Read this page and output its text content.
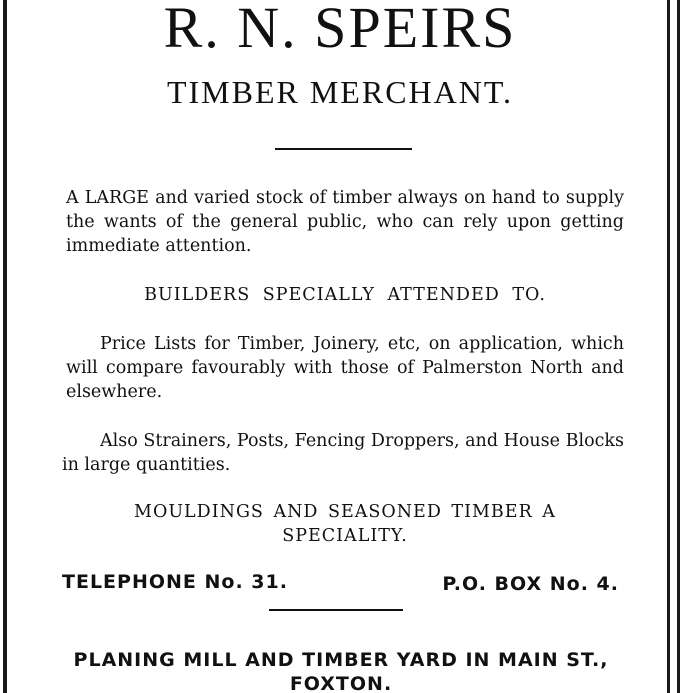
R. N. SPEIRS
TIMBER MERCHANT.
A LARGE and varied stock of timber always on hand to supply the wants of the general public, who can rely upon getting immediate attention.
BUILDERS SPECIALLY ATTENDED TO.
Price Lists for Timber, Joinery, etc, on application, which will compare favourably with those of Palmerston North and elsewhere.
Also Strainers, Posts, Fencing Droppers, and House Blocks in large quantities.
MOULDINGS AND SEASONED TIMBER A
SPECIALITY.
TELEPHONE No. 31.	P.O. BOX No. 4.
PLANING MILL AND TIMBER YARD IN MAIN ST.,
FOXTON.
